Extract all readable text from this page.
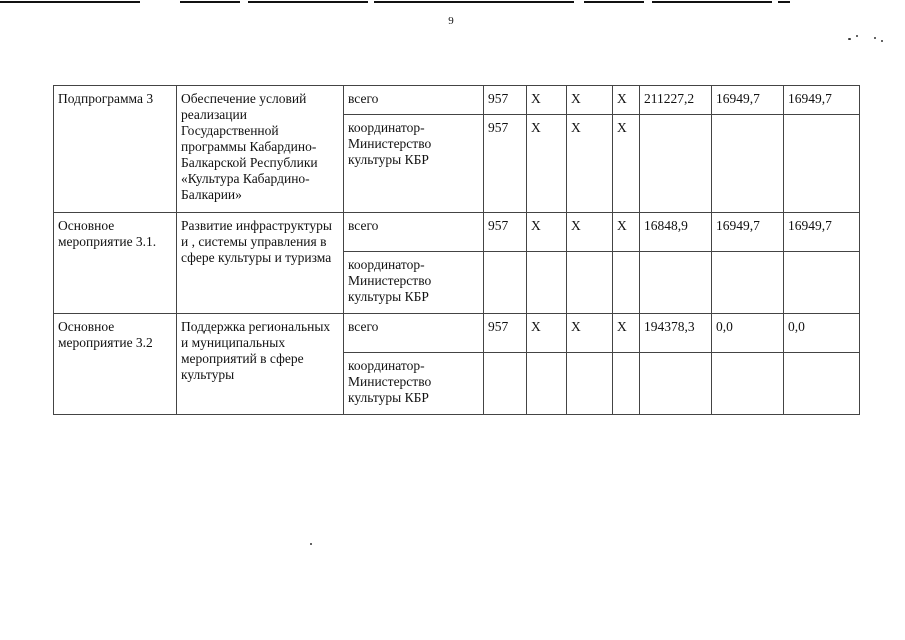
9
Подпрограмма 3	Обеспечение условий реализации Государственной программы Кабардино-Балкарской Республики «Культура Кабардино-Балкарии»	всего	957	X	X	X	211227,2	16949,7	16949,7
		координатор-Министерство культуры КБР	957	X	X	X			
Основное мероприятие 3.1.	Развитие инфраструктуры и , системы управления в сфере культуры и туризма	всего	957	X	X	X	16848,9	16949,7	16949,7
		координатор-Министерство культуры КБР							
Основное мероприятие 3.2	Поддержка региональных и муниципальных мероприятий в сфере культуры	всего	957	X	X	X	194378,3	0,0	0,0
		координатор-Министерство культуры КБР							
